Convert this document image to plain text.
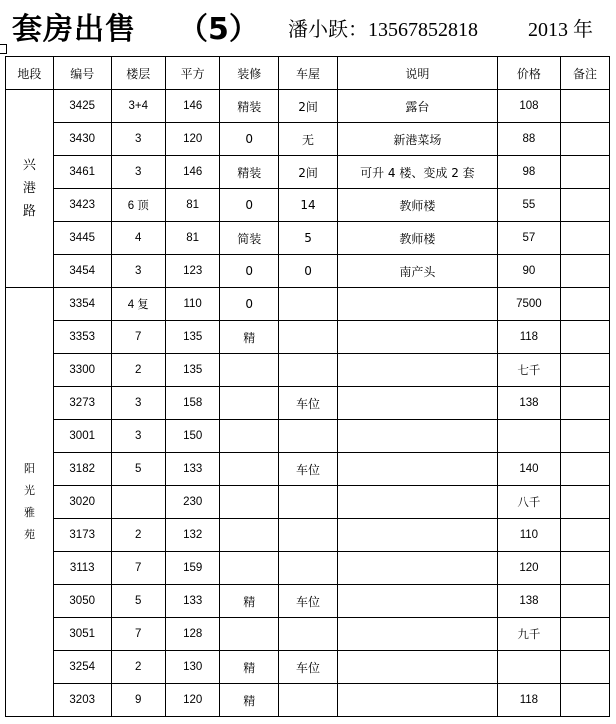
套房出售 （5） 潘小跃：13567852818	2013 年
地段	编号	楼层	平方	装修	车屋	说明	价格	备注

兴
港
路	3425	3+4	146	精装	2间	露台	108	
	3430	3	120	0	无	新港菜场	88	
	3461	3	146	精装	2间	可升 4 楼、变成 2 套	98	
	3423	6 顶	81	0	14	教师楼	55	
	3445	4	81	简装	5	教师楼	57	
	3454	3	123	0	0	南产头	90	

阳
光
雅
苑	3354	4 复	110	0			7500	
	3353	7	135	精			118	
	3300	2	135				七千	
	3273	3	158		车位		138	
	3001	3	150					
	3182	5	133		车位		140	
	3020		230				八千	
	3173	2	132				110	
	3113	7	159				120	
	3050	5	133	精	车位		138	
	3051	7	128				九千	
	3254	2	130	精	车位			
	3203	9	120	精			118	
